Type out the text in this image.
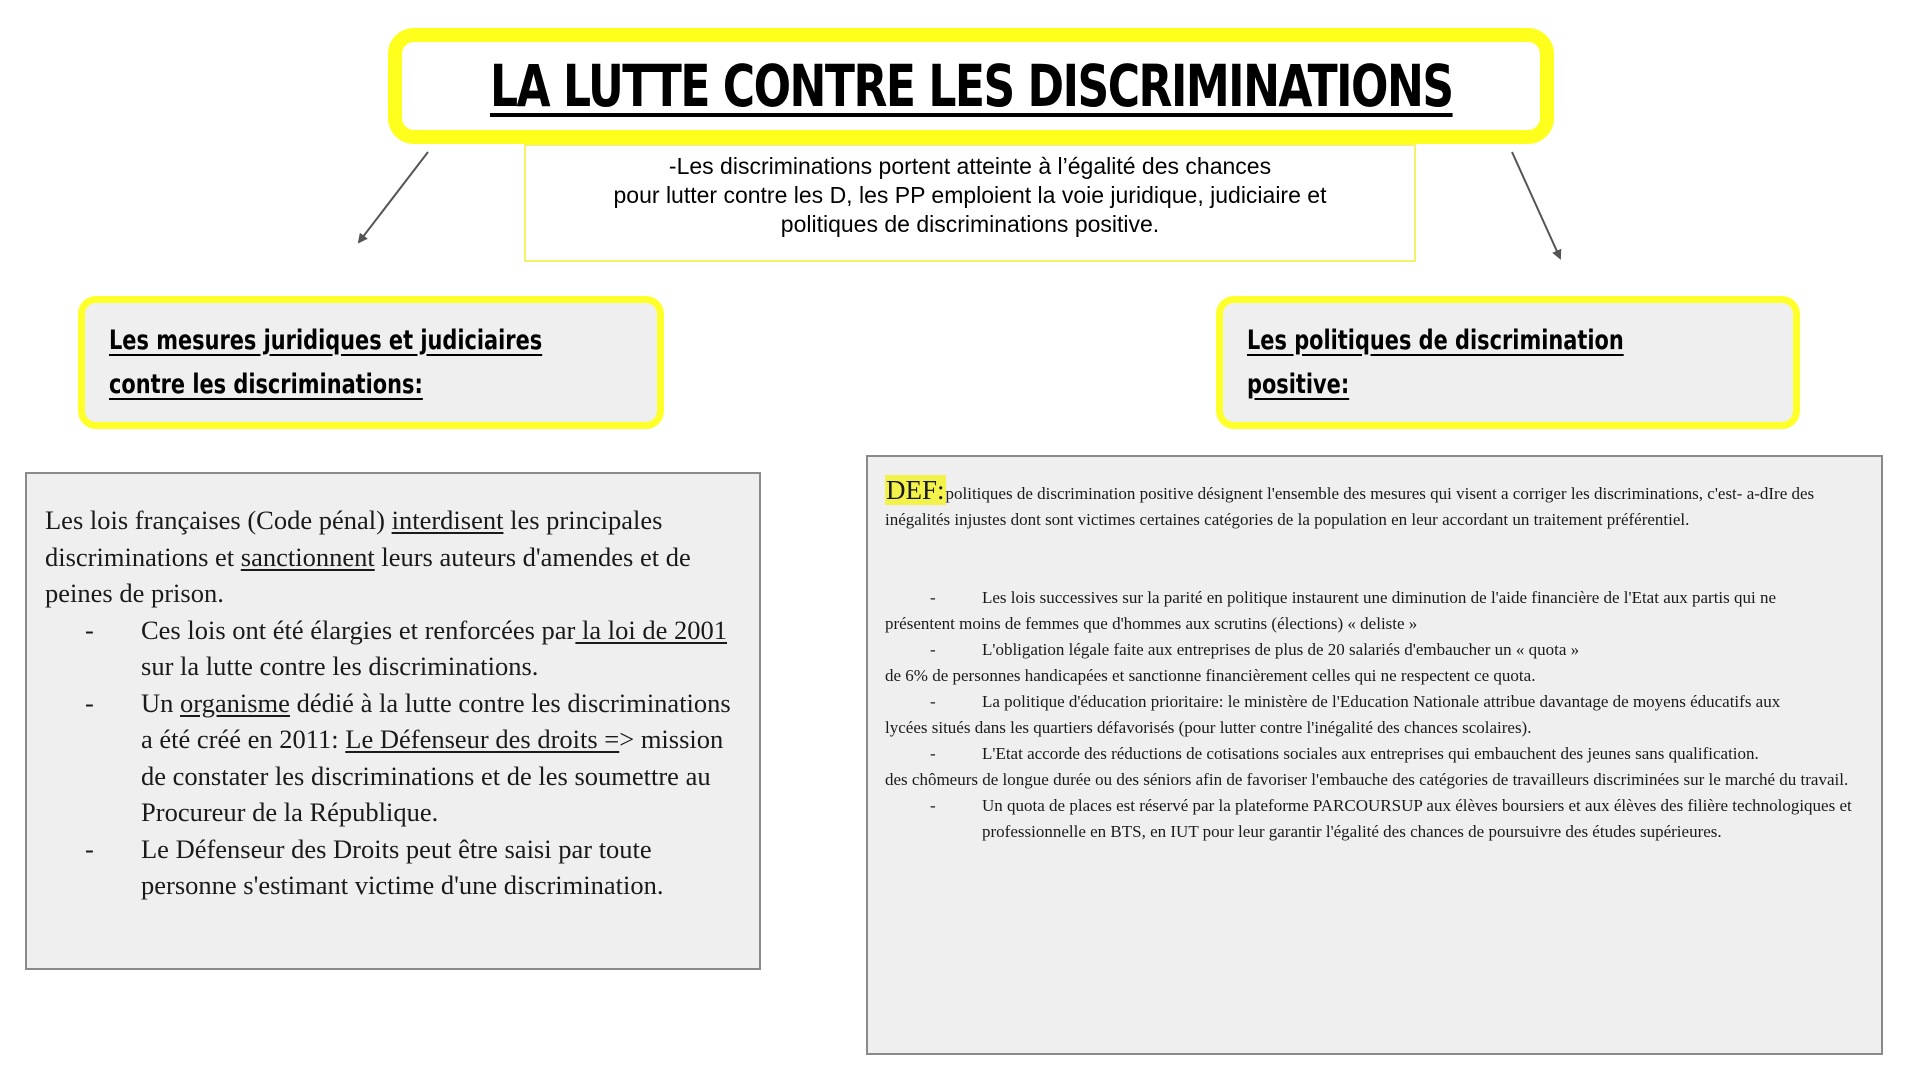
LA LUTTE CONTRE LES DISCRIMINATIONS
-Les discriminations portent atteinte à l’égalité des chances
pour lutter contre les D, les PP emploient la voie juridique, judiciaire et
politiques de discriminations positive.
Les mesures juridiques et judiciaires contre les discriminations:
Les politiques de discrimination positive:

Les lois françaises (Code pénal) interdisent les principales discriminations et sanctionnent leurs auteurs d'amendes et de peines de prison.

- Ces lois ont été élargies et renforcées par la loi de 2001 sur la lutte contre les discriminations.
- Un organisme dédié à la lutte contre les discriminations a été créé en 2011: Le Défenseur des droits => mission de constater les discriminations et de les soumettre au Procureur de la République.
- Le Défenseur des Droits peut être saisi par toute personne s'estimant victime d'une discrimination.

DEF:politiques de discrimination positive désignent l'ensemble des mesures qui visent a corriger les discriminations, c'est- a-dIre des inégalités injustes dont sont victimes certaines catégories de la population en leur accordant un traitement préférentiel.

- Les lois successives sur la parité en politique instaurent une diminution de l'aide financière de l'Etat aux partis qui ne

présentent moins de femmes que d'hommes aux scrutins (élections) « deliste »

- L'obligation légale faite aux entreprises de plus de 20 salariés d'embaucher un « quota »

de 6% de personnes handicapées et sanctionne financièrement celles qui ne respectent ce quota.

- La politique d'éducation prioritaire: le ministère de l'Education Nationale attribue davantage de moyens éducatifs aux

lycées situés dans les quartiers défavorisés (pour lutter contre l'inégalité des chances scolaires).

- L'Etat accorde des réductions de cotisations sociales aux entreprises qui embauchent des jeunes sans qualification.

des chômeurs de longue durée ou des séniors afin de favoriser l'embauche des catégories de travailleurs discriminées sur le marché du travail.

- Un quota de places est réservé par la plateforme PARCOURSUP aux élèves boursiers et aux élèves des filière technologiques et professionnelle en BTS, en IUT pour leur garantir l'égalité des chances de poursuivre des études supérieures.
